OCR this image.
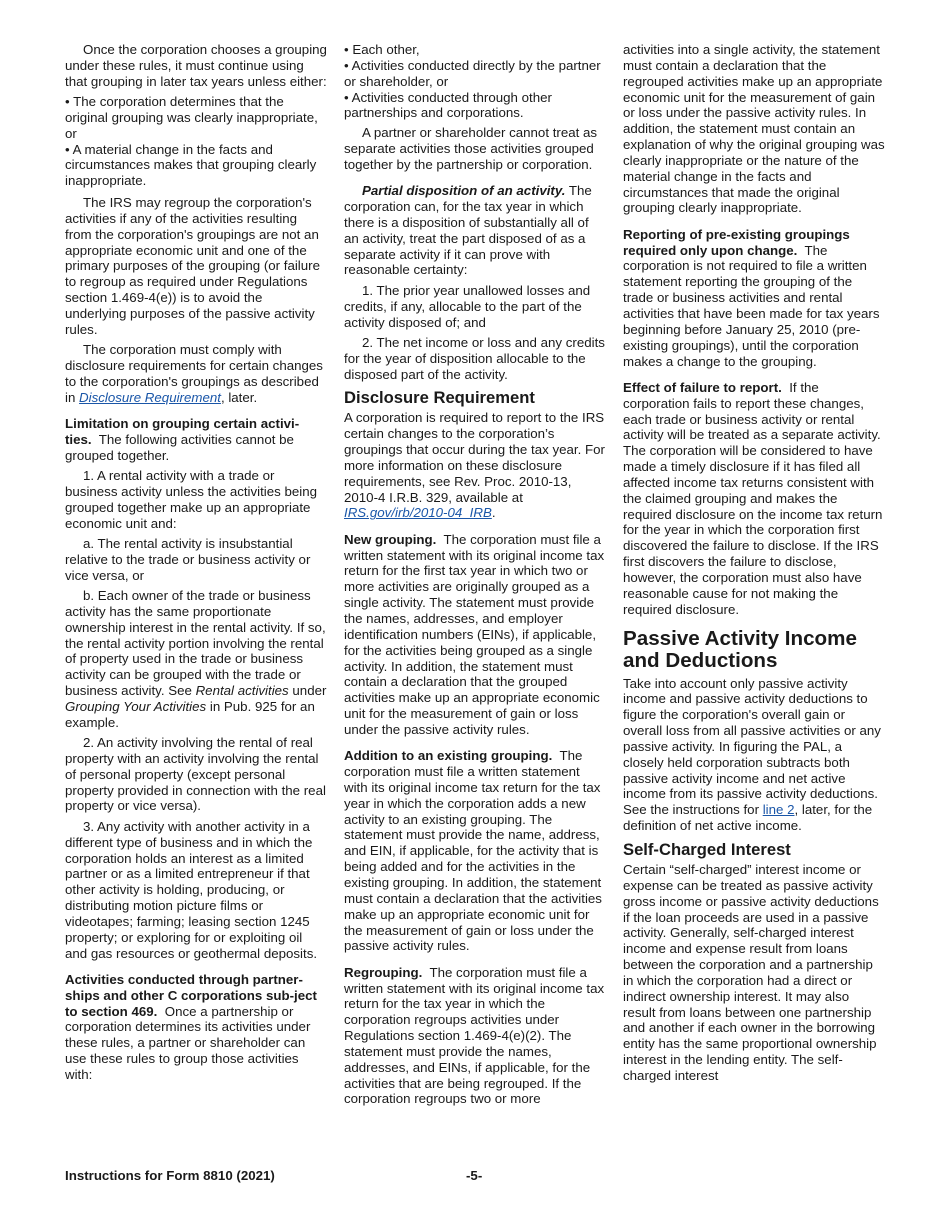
Once the corporation chooses a grouping under these rules, it must continue using that grouping in later tax years unless either:

• The corporation determines that the original grouping was clearly inappropriate, or
• A material change in the facts and circumstances makes that grouping clearly inappropriate.

The IRS may regroup the corporation's activities if any of the activities resulting from the corporation's groupings are not an appropriate economic unit and one of the primary purposes of the grouping (or failure to regroup as required under Regulations section 1.469-4(e)) is to avoid the underlying purposes of the passive activity rules.

The corporation must comply with disclosure requirements for certain changes to the corporation's groupings as described in Disclosure Requirement, later.

Limitation on grouping certain activi-ties. The following activities cannot be grouped together.

1. A rental activity with a trade or business activity unless the activities being grouped together make up an appropriate economic unit and:

a. The rental activity is insubstantial relative to the trade or business activity or vice versa, or

b. Each owner of the trade or business activity has the same proportionate ownership interest in the rental activity. If so, the rental activity portion involving the rental of property used in the trade or business activity can be grouped with the trade or business activity. See Rental activities under Grouping Your Activities in Pub. 925 for an example.

2. An activity involving the rental of real property with an activity involving the rental of personal property (except personal property provided in connection with the real property or vice versa).

3. Any activity with another activity in a different type of business and in which the corporation holds an interest as a limited partner or as a limited entrepreneur if that other activity is holding, producing, or distributing motion picture films or videotapes; farming; leasing section 1245 property; or exploring for or exploiting oil and gas resources or geothermal deposits.

Activities conducted through partner-ships and other C corporations sub-ject to section 469. Once a partnership or corporation determines its activities under these rules, a partner or shareholder can use these rules to group those activities with:

• Each other,
• Activities conducted directly by the partner or shareholder, or
• Activities conducted through other partnerships and corporations.

A partner or shareholder cannot treat as separate activities those activities grouped together by the partnership or corporation.

Partial disposition of an activity. The corporation can, for the tax year in which there is a disposition of substantially all of an activity, treat the part disposed of as a separate activity if it can prove with reasonable certainty:

1. The prior year unallowed losses and credits, if any, allocable to the part of the activity disposed of; and

2. The net income or loss and any credits for the year of disposition allocable to the disposed part of the activity.

Disclosure Requirement

A corporation is required to report to the IRS certain changes to the corporation’s groupings that occur during the tax year. For more information on these disclosure requirements, see Rev. Proc. 2010-13, 2010-4 I.R.B. 329, available at IRS.gov/irb/2010-04_IRB.

New grouping. The corporation must file a written statement with its original income tax return for the first tax year in which two or more activities are originally grouped as a single activity. The statement must provide the names, addresses, and employer identification numbers (EINs), if applicable, for the activities being grouped as a single activity. In addition, the statement must contain a declaration that the grouped activities make up an appropriate economic unit for the measurement of gain or loss under the passive activity rules.

Addition to an existing grouping. The corporation must file a written statement with its original income tax return for the tax year in which the corporation adds a new activity to an existing grouping. The statement must provide the name, address, and EIN, if applicable, for the activity that is being added and for the activities in the existing grouping. In addition, the statement must contain a declaration that the activities make up an appropriate economic unit for the measurement of gain or loss under the passive activity rules.

Regrouping. The corporation must file a written statement with its original income tax return for the tax year in which the corporation regroups activities under Regulations section 1.469-4(e)(2). The statement must provide the names, addresses, and EINs, if applicable, for the activities that are being regrouped. If the corporation regroups two or more

activities into a single activity, the statement must contain a declaration that the regrouped activities make up an appropriate economic unit for the measurement of gain or loss under the passive activity rules. In addition, the statement must contain an explanation of why the original grouping was clearly inappropriate or the nature of the material change in the facts and circumstances that made the original grouping clearly inappropriate.

Reporting of pre-existing groupings required only upon change. The corporation is not required to file a written statement reporting the grouping of the trade or business activities and rental activities that have been made for tax years beginning before January 25, 2010 (pre-existing groupings), until the corporation makes a change to the grouping.

Effect of failure to report. If the corporation fails to report these changes, each trade or business activity or rental activity will be treated as a separate activity. The corporation will be considered to have made a timely disclosure if it has filed all affected income tax returns consistent with the claimed grouping and makes the required disclosure on the income tax return for the year in which the corporation first discovered the failure to disclose. If the IRS first discovers the failure to disclose, however, the corporation must also have reasonable cause for not making the required disclosure.

Passive Activity Income and Deductions

Take into account only passive activity income and passive activity deductions to figure the corporation's overall gain or overall loss from all passive activities or any passive activity. In figuring the PAL, a closely held corporation subtracts both passive activity income and net active income from its passive activity deductions. See the instructions for line 2, later, for the definition of net active income.

Self-Charged Interest

Certain “self-charged” interest income or expense can be treated as passive activity gross income or passive activity deductions if the loan proceeds are used in a passive activity. Generally, self-charged interest income and expense result from loans between the corporation and a partnership in which the corporation had a direct or indirect ownership interest. It may also result from loans between one partnership and another if each owner in the borrowing entity has the same proportional ownership interest in the lending entity. The self-charged interest

Instructions for Form 8810 (2021)	-5-
